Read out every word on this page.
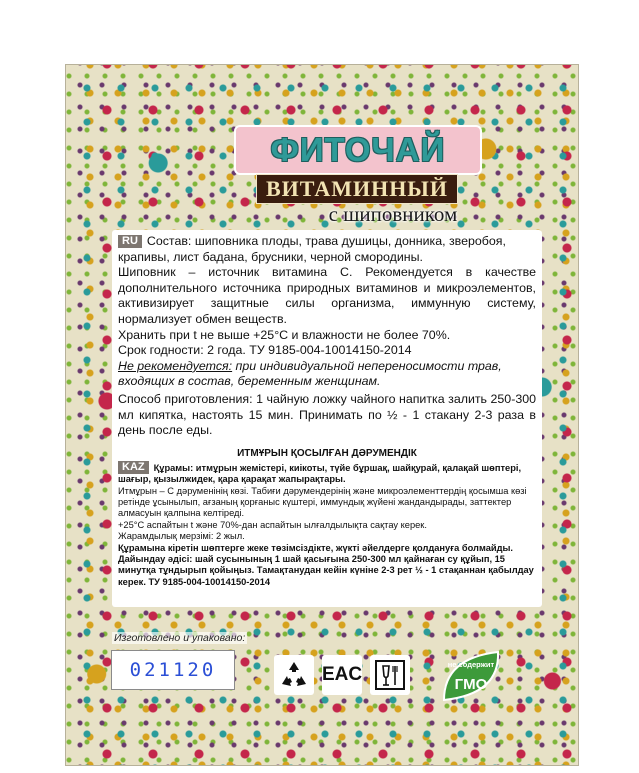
ФИТОЧАЙ
ВИТАМИННЫЙ
с шиповником

RU Состав: шиповника плоды, трава душицы, донника, зверобоя, крапивы, лист бадана, брусники, черной смородины.

Шиповник – источник витамина С. Рекомендуется в качестве дополнительного источника природных витаминов и микроэлементов, активизирует защитные силы организма, иммунную систему, нормализует обмен веществ.

Хранить при t не выше +25°С и влажности не более 70%.

Срок годности: 2 года. ТУ 9185-004-10014150-2014

Не рекомендуется: при индивидуальной непереносимости трав, входящих в состав, беременным женщинам.

Способ приготовления: 1 чайную ложку чайного напитка залить 250-300 мл кипятка, настоять 15 мин. Принимать по ½ - 1 стакану 2-3 раза в день после еды.

ИТМҰРЫН ҚОСЫЛҒАН ДӘРУМЕНДІК

KAZ Құрамы: итмұрын жемістері, киікоты, түйе бұршақ, шайқурай, қалақай шөптері, шағыр, қызылжидек, қара қарақат жапырақтары.

Итмұрын – С дәруменінің көзі. Табиғи дәрумендерінің және микроэлементтердің қосымша көзі ретінде ұсынылып, ағзаның қорғаныс күштері, иммундық жүйені жандандырады, заттектер алмасуын қалпына келтіреді.

+25°С аспайтын t және 70%-дан аспайтын ылғалдылықта сақтау керек.

Жарамдылық мерзімі: 2 жыл.

Құрамына кіретін шөптерге жеке төзімсіздікте, жүкті әйелдерге қолдануға болмайды.

Дайындау әдісі: шай сусынының 1 шай қасығына 250-300 мл қайнаған су құйып, 15 минутқа тұндырып қойыңыз. Тамақтанудан кейін күніне 2-3 рет ½ - 1 стақаннан қабылдау керек. ТУ 9185-004-10014150-2014

Изготовлено и упаковано:
021120	EAC	не содержит
ГМО
